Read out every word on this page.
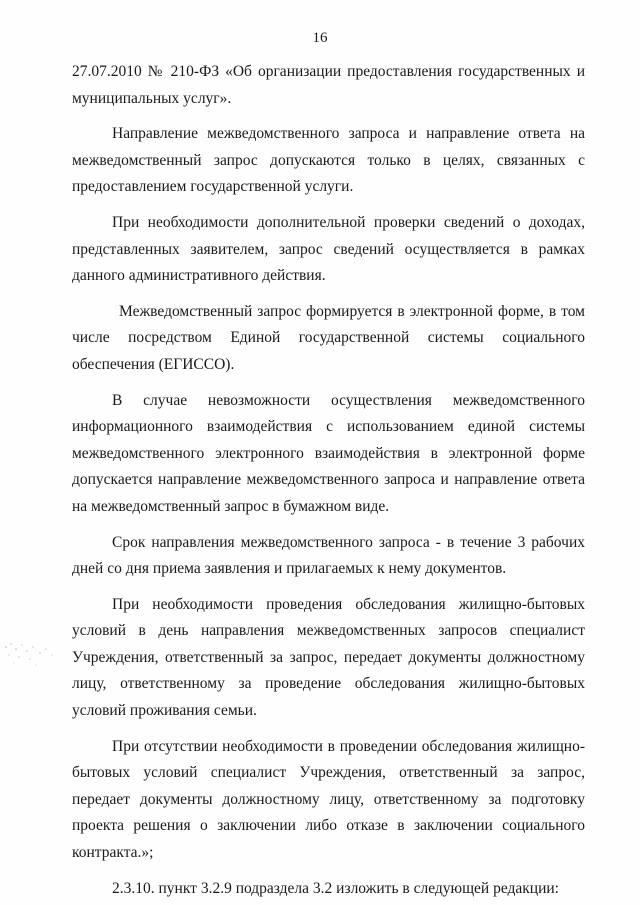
16

27.07.2010 № 210-ФЗ «Об организации предоставления государственных и муниципальных услуг».

Направление межведомственного запроса и направление ответа на межведомственный запрос допускаются только в целях, связанных с предоставлением государственной услуги.

При необходимости дополнительной проверки сведений о доходах, представленных заявителем, запрос сведений осуществляется в рамках данного административного действия.

Межведомственный запрос формируется в электронной форме, в том числе посредством Единой государственной системы социального обеспечения (ЕГИССО).

В случае невозможности осуществления межведомственного информационного взаимодействия с использованием единой системы межведомственного электронного взаимодействия в электронной форме допускается направление межведомственного запроса и направление ответа на межведомственный запрос в бумажном виде.

Срок направления межведомственного запроса - в течение 3 рабочих дней со дня приема заявления и прилагаемых к нему документов.

При необходимости проведения обследования жилищно-бытовых условий в день направления межведомственных запросов специалист Учреждения, ответственный за запрос, передает документы должностному лицу, ответственному за проведение обследования жилищно-бытовых условий проживания семьи.

При отсутствии необходимости в проведении обследования жилищно-бытовых условий специалист Учреждения, ответственный за запрос, передает документы должностному лицу, ответственному за подготовку проекта решения о заключении либо отказе в заключении социального контракта.»;

2.3.10. пункт 3.2.9 подраздела 3.2 изложить в следующей редакции:
